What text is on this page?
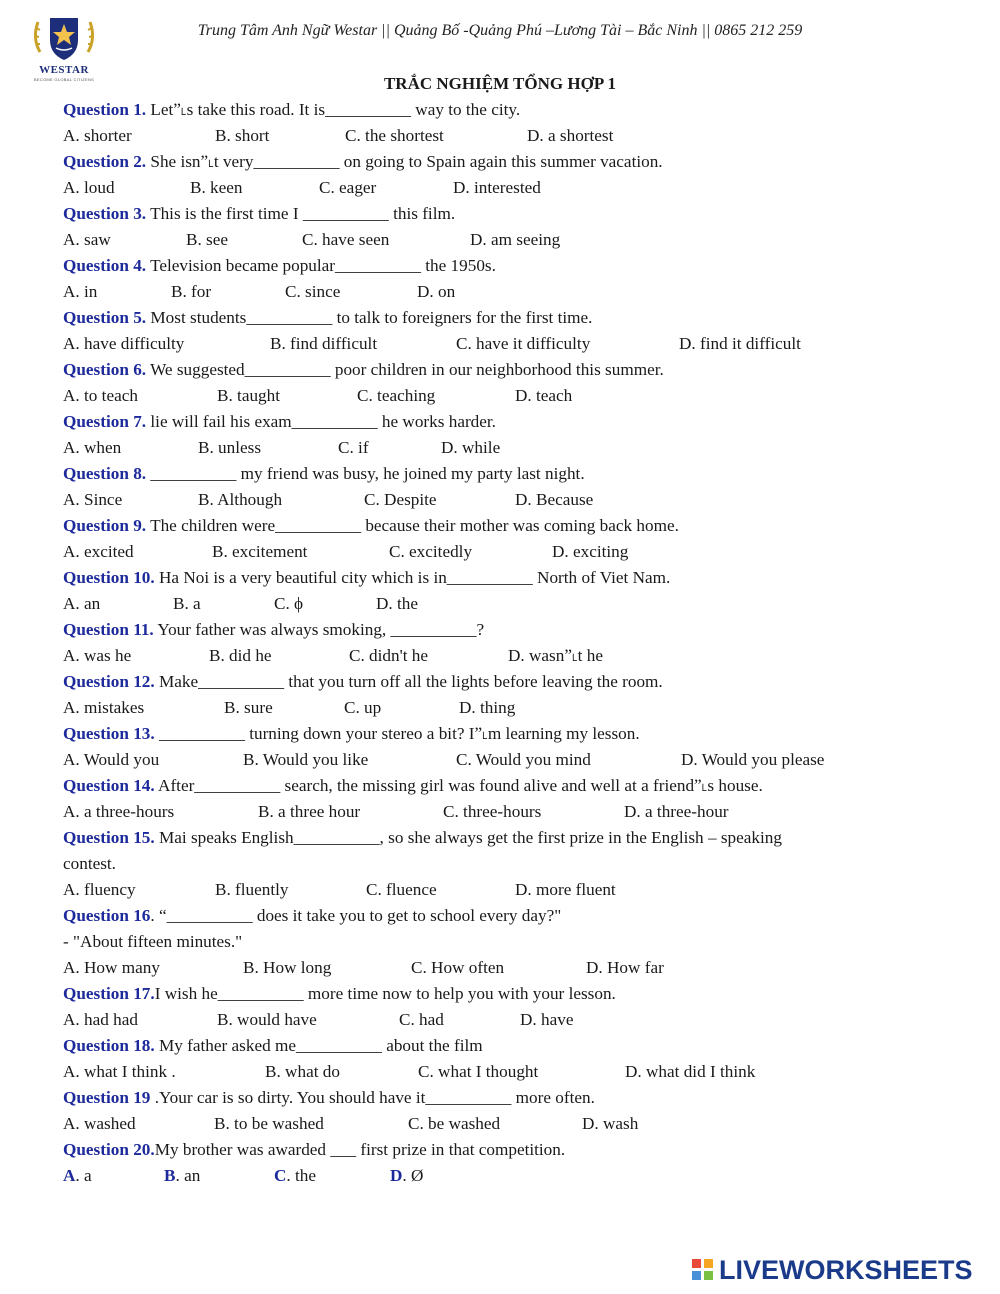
WESTAR
BECOME GLOBAL CITIZENS
Trung Tâm Anh Ngữ Westar || Quảng Bố -Quảng Phú –Lương Tài – Bắc Ninh || 0865 212 259
TRẮC NGHIỆM TỔNG HỢP 1
Question 1. Letˮ˪s take this road. It is__________ way to the city.
A. shorter	B. short	C. the shortest	D. a shortest
Question 2. She isnˮ˪t very__________ on going to Spain again this summer vacation.
A. loud	B. keen	C. eager	D. interested
Question 3. This is the first time I __________ this film.
A. saw	B. see	C. have seen	D. am seeing
Question 4. Television became popular__________ the 1950s.
A. in	B. for	C. since	D. on
Question 5. Most students__________ to talk to foreigners for the first time.
A. have difficulty	B. find difficult	C. have it difficulty	D. find it difficult
Question 6. We suggested__________ poor children in our neighborhood this summer.
A. to teach	B. taught	C. teaching	D. teach
Question 7. lie will fail his exam__________ he works harder.
A. when	B. unless	C. if	D. while
Question 8. __________ my friend was busy, he joined my party last night.
A. Since	B. Although	C. Despite	D. Because
Question 9. The children were__________ because their mother was coming back home.
A. excited	B. excitement	C. excitedly	D. exciting
Question 10. Ha Noi is a very beautiful city which is in__________ North of Viet Nam.
A. an	B. a	C. ϕ	D. the
Question 11. Your father was always smoking, __________?
A. was he	B. did he	C. didn't he	D. wasnˮ˪t he
Question 12. Make__________ that you turn off all the lights before leaving the room.
A. mistakes	B. sure	C. up	D. thing
Question 13. __________ turning down your stereo a bit? Iˮ˪m learning my lesson.
A. Would you	B. Would you like	C. Would you mind	D. Would you please
Question 14. After__________ search, the missing girl was found alive and well at a friendˮ˪s house.
A. a three-hours	B. a three hour	C. three-hours	D. a three-hour
Question 15. Mai speaks English__________, so she always get the first prize in the English – speaking
contest.
A. fluency	B. fluently	C. fluence	D. more fluent
Question 16. “__________ does it take you to get to school every day?"
- "About fifteen minutes."
A. How many	B. How long	C. How often	D. How far
Question 17.I wish he__________ more time now to help you with your lesson.
A. had had	B. would have	C. had	D. have
Question 18. My father asked me__________ about the film
A. what I think .	B. what do	C. what I thought	D. what did I think
Question 19 .Your car is so dirty. You should have it__________ more often.
A. washed	B. to be washed	C. be washed	D. wash
Question 20.My brother was awarded ___ first prize in that competition.
A. a	B. an	C. the	D. Ø
LIVEWORKSHEETS
